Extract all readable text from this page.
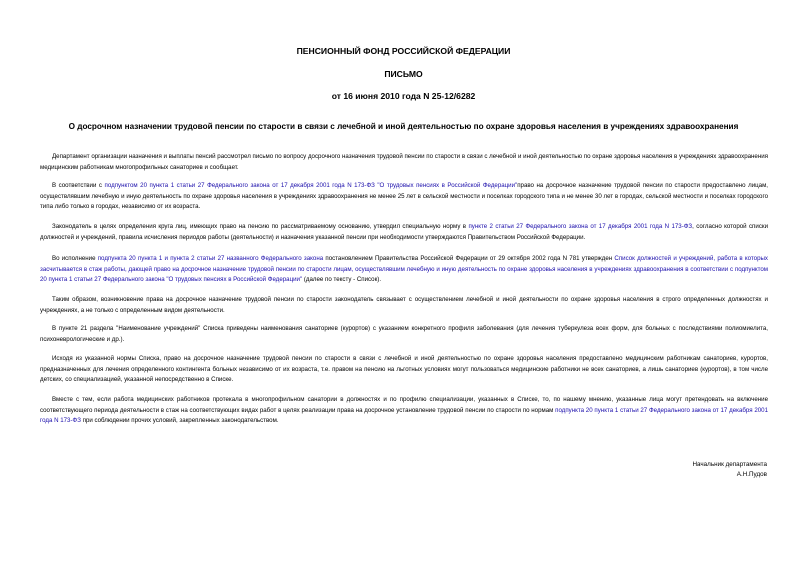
ПЕНСИОННЫЙ ФОНД РОССИЙСКОЙ ФЕДЕРАЦИИ
ПИСЬМО
от 16 июня 2010 года N 25-12/6282
О досрочном назначении трудовой пенсии по старости в связи с лечебной и иной деятельностью по охране здоровья населения в учреждениях здравоохранения

Департамент организации назначения и выплаты пенсий рассмотрел письмо по вопросу досрочного назначения трудовой пенсии по старости в связи с лечебной и иной деятельностью по охране здоровья населения в учреждениях здравоохранения медицинским работникам многопрофильных санаториев и сообщает.

В соответствии с подпунктом 20 пункта 1 статьи 27 Федерального закона от 17 декабря 2001 года N 173-ФЗ "О трудовых пенсиях в Российской Федерации"право на досрочное назначение трудовой пенсии по старости предоставлено лицам, осуществлявшим лечебную и иную деятельность по охране здоровья населения в учреждениях здравоохранения не менее 25 лет в сельской местности и поселках городского типа и не менее 30 лет в городах, сельской местности и поселках городского типа либо только в городах, независимо от их возраста.

Законодатель в целях определения круга лиц, имеющих право на пенсию по рассматриваемому основанию, утвердил специальную норму в пункте 2 статьи 27 Федерального закона от 17 декабря 2001 года N 173-ФЗ, согласно которой списки должностей и учреждений, правила исчисления периодов работы (деятельности) и назначения указанной пенсии при необходимости утверждаются Правительством Российской Федерации.

Во исполнение подпункта 20 пункта 1 и пункта 2 статьи 27 названного Федерального закона постановлением Правительства Российской Федерации от 29 октября 2002 года N 781 утвержден Список должностей и учреждений, работа в которых засчитывается в стаж работы, дающей право на досрочное назначение трудовой пенсии по старости лицам, осуществлявшим лечебную и иную деятельность по охране здоровья населения в учреждениях здравоохранения в соответствии с подпунктом 20 пункта 1 статьи 27 Федерального закона "О трудовых пенсиях в Российской Федерации" (далее по тексту - Список).

Таким образом, возникновение права на досрочное назначение трудовой пенсии по старости законодатель связывает с осуществлением лечебной и иной деятельности по охране здоровья населения в строго определенных должностях и учреждениях, а не только с определенным видом деятельности.

В пункте 21 раздела "Наименование учреждений" Списка приведены наименования санаториев (курортов) с указанием конкретного профиля заболевания (для лечения туберкулеза всех форм, для больных с последствиями полиомиелита, психоневрологические и др.).

Исходя из указанной нормы Списка, право на досрочное назначение трудовой пенсии по старости в связи с лечебной и иной деятельностью по охране здоровья населения предоставлено медицинским работникам санаториев, курортов, предназначенных для лечения определенного контингента больных независимо от их возраста, т.е. правом на пенсию на льготных условиях могут пользоваться медицинские работники не всех санаториев, а лишь санаториев (курортов), в том числе детских, со специализацией, указанной непосредственно в Списке.

Вместе с тем, если работа медицинских работников протекала в многопрофильном санатории в должностях и по профилю специализации, указанных в Списке, то, по нашему мнению, указанные лица могут претендовать на включение соответствующего периода деятельности в стаж на соответствующих видах работ в целях реализации права на досрочное установление трудовой пенсии по старости по нормам подпункта 20 пункта 1 статьи 27 Федерального закона от 17 декабря 2001 года N 173-ФЗ при соблюдении прочих условий, закрепленных законодательством.

Начальник департамента
А.Н.Пудов
